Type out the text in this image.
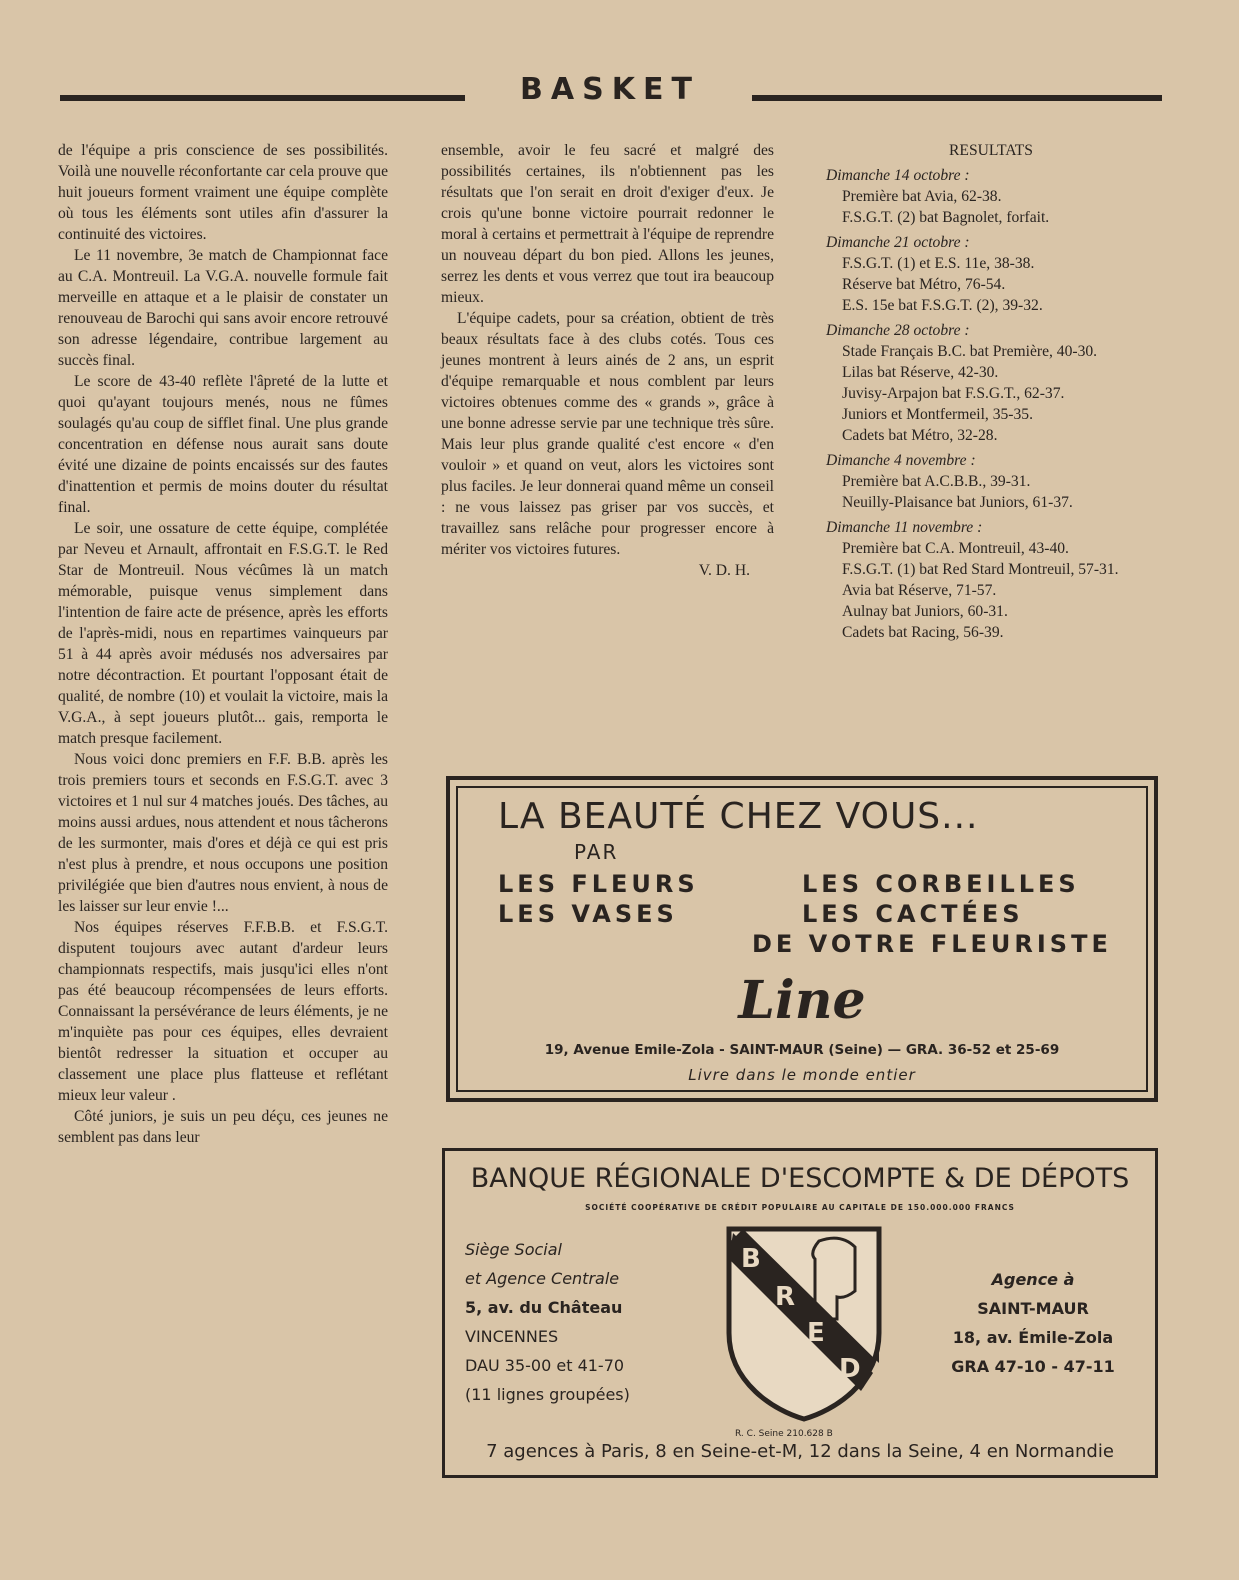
BASKET

de l'équipe a pris conscience de ses possibilités. Voilà une nouvelle réconfortante car cela prouve que huit joueurs forment vraiment une équipe complète où tous les éléments sont utiles afin d'assurer la continuité des victoires.

Le 11 novembre, 3e match de Championnat face au C.A. Montreuil. La V.G.A. nouvelle formule fait merveille en attaque et a le plaisir de constater un renouveau de Barochi qui sans avoir encore retrouvé son adresse légendaire, contribue largement au succès final.

Le score de 43-40 reflète l'âpreté de la lutte et quoi qu'ayant toujours menés, nous ne fûmes soulagés qu'au coup de sifflet final. Une plus grande concentration en défense nous aurait sans doute évité une dizaine de points encaissés sur des fautes d'inattention et permis de moins douter du résultat final.

Le soir, une ossature de cette équipe, complétée par Neveu et Arnault, affrontait en F.S.G.T. le Red Star de Montreuil. Nous vécûmes là un match mémorable, puisque venus simplement dans l'intention de faire acte de présence, après les efforts de l'après-midi, nous en repartimes vainqueurs par 51 à 44 après avoir médusés nos adversaires par notre décontraction. Et pourtant l'opposant était de qualité, de nombre (10) et voulait la victoire, mais la V.G.A., à sept joueurs plutôt... gais, remporta le match presque facilement.

Nous voici donc premiers en F.F. B.B. après les trois premiers tours et seconds en F.S.G.T. avec 3 victoires et 1 nul sur 4 matches joués. Des tâches, au moins aussi ardues, nous attendent et nous tâcherons de les surmonter, mais d'ores et déjà ce qui est pris n'est plus à prendre, et nous occupons une position privilégiée que bien d'autres nous envient, à nous de les laisser sur leur envie !...

Nos équipes réserves F.F.B.B. et F.S.G.T. disputent toujours avec autant d'ardeur leurs championnats respectifs, mais jusqu'ici elles n'ont pas été beaucoup récompensées de leurs efforts. Connaissant la persévérance de leurs éléments, je ne m'inquiète pas pour ces équipes, elles devraient bientôt redresser la situation et occuper au classement une place plus flatteuse et reflétant mieux leur valeur .

Côté juniors, je suis un peu déçu, ces jeunes ne semblent pas dans leur

ensemble, avoir le feu sacré et malgré des possibilités certaines, ils n'obtiennent pas les résultats que l'on serait en droit d'exiger d'eux. Je crois qu'une bonne victoire pourrait redonner le moral à certains et permettrait à l'équipe de reprendre un nouveau départ du bon pied. Allons les jeunes, serrez les dents et vous verrez que tout ira beaucoup mieux.

L'équipe cadets, pour sa création, obtient de très beaux résultats face à des clubs cotés. Tous ces jeunes montrent à leurs ainés de 2 ans, un esprit d'équipe remarquable et nous comblent par leurs victoires obtenues comme des « grands », grâce à une bonne adresse servie par une technique très sûre. Mais leur plus grande qualité c'est encore « d'en vouloir » et quand on veut, alors les victoires sont plus faciles. Je leur donnerai quand même un conseil : ne vous laissez pas griser par vos succès, et travaillez sans relâche pour progresser encore à mériter vos victoires futures.

V. D. H.

RESULTATS
Dimanche 14 octobre :
Première bat Avia, 62-38.
F.S.G.T. (2) bat Bagnolet, forfait.
Dimanche 21 octobre :
F.S.G.T. (1) et E.S. 11e, 38-38.
Réserve bat Métro, 76-54.
E.S. 15e bat F.S.G.T. (2), 39-32.
Dimanche 28 octobre :
Stade Français B.C. bat Première, 40-30.
Lilas bat Réserve, 42-30.
Juvisy-Arpajon bat F.S.G.T., 62-37.
Juniors et Montfermeil, 35-35.
Cadets bat Métro, 32-28.
Dimanche 4 novembre :
Première bat A.C.B.B., 39-31.
Neuilly-Plaisance bat Juniors, 61-37.
Dimanche 11 novembre :
Première bat C.A. Montreuil, 43-40.
F.S.G.T. (1) bat Red Stard Montreuil, 57-31.
Avia bat Réserve, 71-57.
Aulnay bat Juniors, 60-31.
Cadets bat Racing, 56-39.
LA BEAUTÉ CHEZ VOUS...
PAR
LES FLEURS
LES VASES
LES CORBEILLES
LES CACTÉES
DE VOTRE FLEURISTE
Line
19, Avenue Emile-Zola - SAINT-MAUR (Seine) — GRA. 36-52 et 25-69
Livre dans le monde entier
BANQUE RÉGIONALE D'ESCOMPTE & DE DÉPOTS
SOCIÉTÉ COOPÉRATIVE DE CRÉDIT POPULAIRE AU CAPITALE DE 150.000.000 FRANCS
Siège Social
et Agence Centrale
5, av. du Château
VINCENNES
DAU 35-00 et 41-70
(11 lignes groupées)
B
R
E
D
Agence à
SAINT-MAUR
18, av. Émile-Zola
GRA 47-10 - 47-11
R. C. Seine 210.628 B
7 agences à Paris, 8 en Seine-et-M, 12 dans la Seine, 4 en Normandie
